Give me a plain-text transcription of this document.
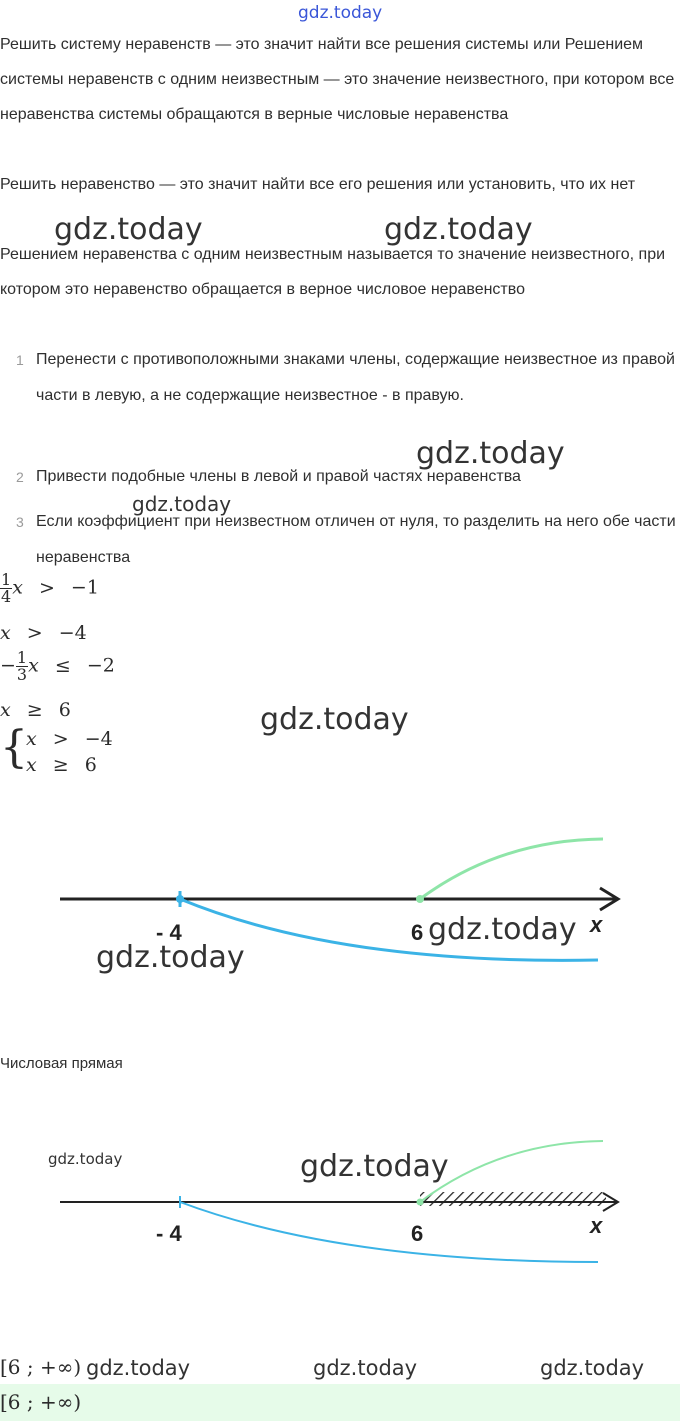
gdz.today
Решить систему неравенств — это значит найти все решения системы или Решением системы неравенств с одним неизвестным — это значение неизвестного, при котором все неравенства системы обращаются в верные числовые неравенства
Решить неравенство — это значит найти все его решения или установить, что их нет
Решением неравенства с одним неизвестным называется то значение неизвестного, при котором это неравенство обращается в верное числовое неравенство
gdz.today	gdz.today
1 Перенести с противоположными знаками члены, содержащие неизвестное из правой части в левую, а не содержащие неизвестное - в правую.
2 Привести подобные члены в левой и правой частях неравенства
3 Если коэффициент при неизвестном отличен от нуля, то разделить на него обе части неравенства
gdz.today
gdz.today
$\frac{1}{4}$ x > −1
x > −4
− $\frac{1}{3}$ x ≤ −2
x ≥ 6
{
x > −4
x ≥ 6
gdz.today
- 4	6	x
gdz.today
gdz.today
Числовая прямая
- 4	6	x
gdz.today	gdz.today
[6 ; +∞) gdz.today	gdz.today	gdz.today
[6 ; +∞)
